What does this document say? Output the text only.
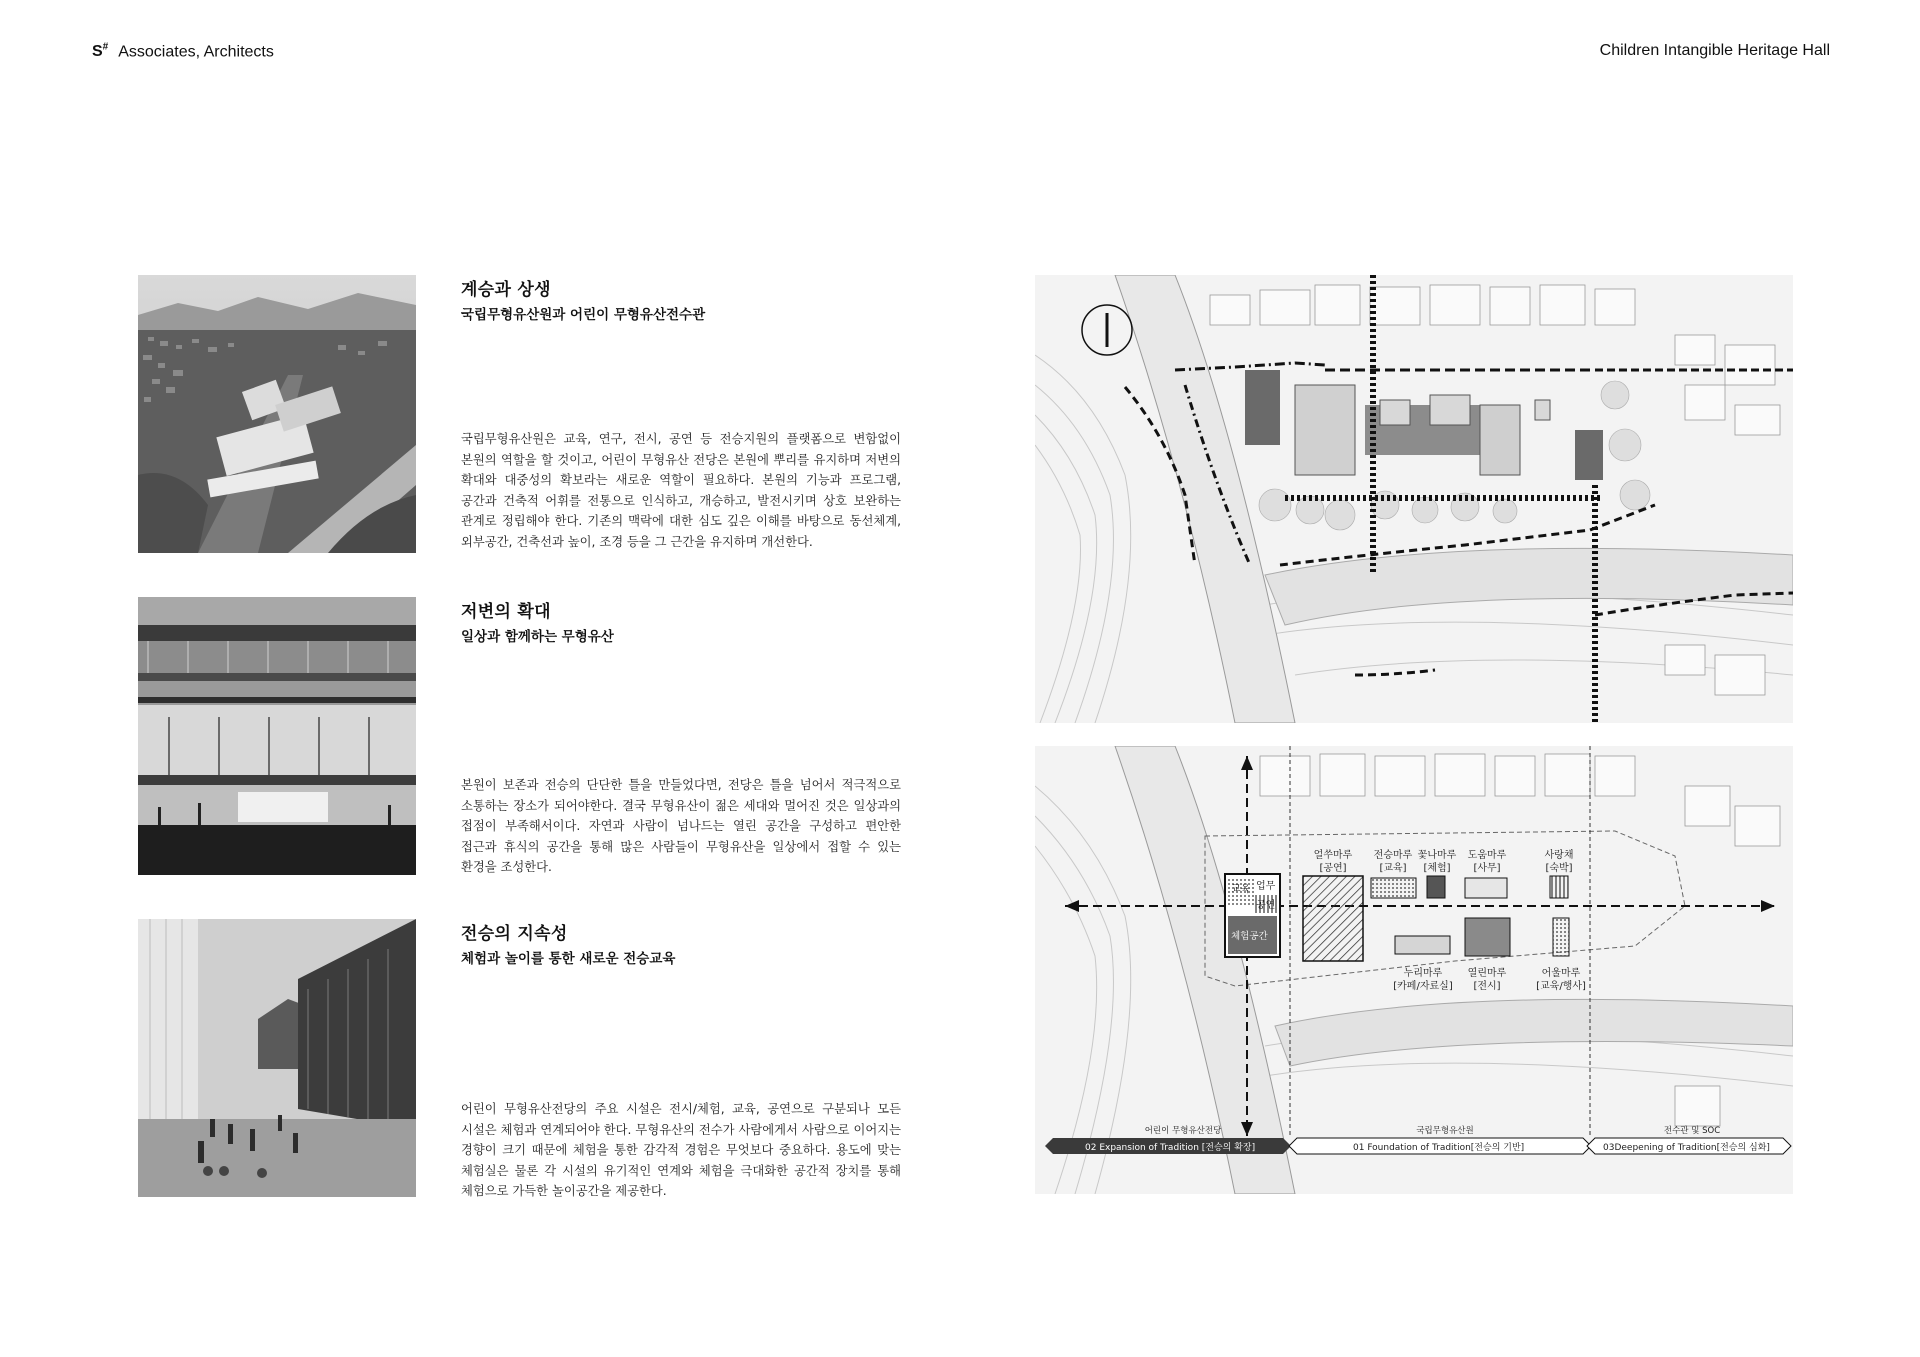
S# Associates, Architects	Children Intangible Heritage Hall
계승과 상생
국립무형유산원과 어린이 무형유산전수관

국립무형유산원은 교육, 연구, 전시, 공연 등 전승지원의 플랫폼으로 변함없이 본원의 역할을 할 것이고, 어린이 무형유산 전당은 본원에 뿌리를 유지하며 저변의 확대와 대중성의 확보라는 새로운 역할이 필요하다. 본원의 기능과 프로그램, 공간과 건축적 어휘를 전통으로 인식하고, 개승하고, 발전시키며 상호 보완하는 관계로 정립해야 한다. 기존의 맥락에 대한 심도 깊은 이해를 바탕으로 동선체계, 외부공간, 건축선과 높이, 조경 등을 그 근간을 유지하며 개선한다.

저변의 확대
일상과 함께하는 무형유산

본원이 보존과 전승의 단단한 틀을 만들었다면, 전당은 틀을 넘어서 적극적으로 소통하는 장소가 되어야한다. 결국 무형유산이 젊은 세대와 멀어진 것은 일상과의 접점이 부족해서이다. 자연과 사람이 넘나드는 열린 공간을 구성하고 편안한 접근과 휴식의 공간을 통해 많은 사람들이 무형유산을 일상에서 접할 수 있는 환경을 조성한다.

전승의 지속성
체험과 놀이를 통한 새로운 전승교육

어린이 무형유산전당의 주요 시설은 전시/체험, 교육, 공연으로 구분되나 모든 시설은 체험과 연계되어야 한다. 무형유산의 전수가 사람에게서 사람으로 이어지는 경향이 크기 때문에 체험을 통한 감각적 경험은 무엇보다 중요하다. 용도에 맞는 체험실은 물론 각 시설의 유기적인 연계와 체험을 극대화한 공간적 장치를 통해 체험으로 가득한 놀이공간을 제공한다.

교육 업무
공연
체험공간
얼쑤마루
[공연]
전승마루
[교육]
꽃나마루
[체험]
도움마루
[사무]
사랑채
[숙박]
누리마루
[카페/자료실]
열린마루
[전시]
어울마루
[교육/행사]
어린이 무형유산전당	국립무형유산원	전수관 및 SOC
02 Expansion of Tradition [전승의 확장]	01 Foundation of Tradition[전승의 기반]	03Deepening of Tradition[전승의 심화]
